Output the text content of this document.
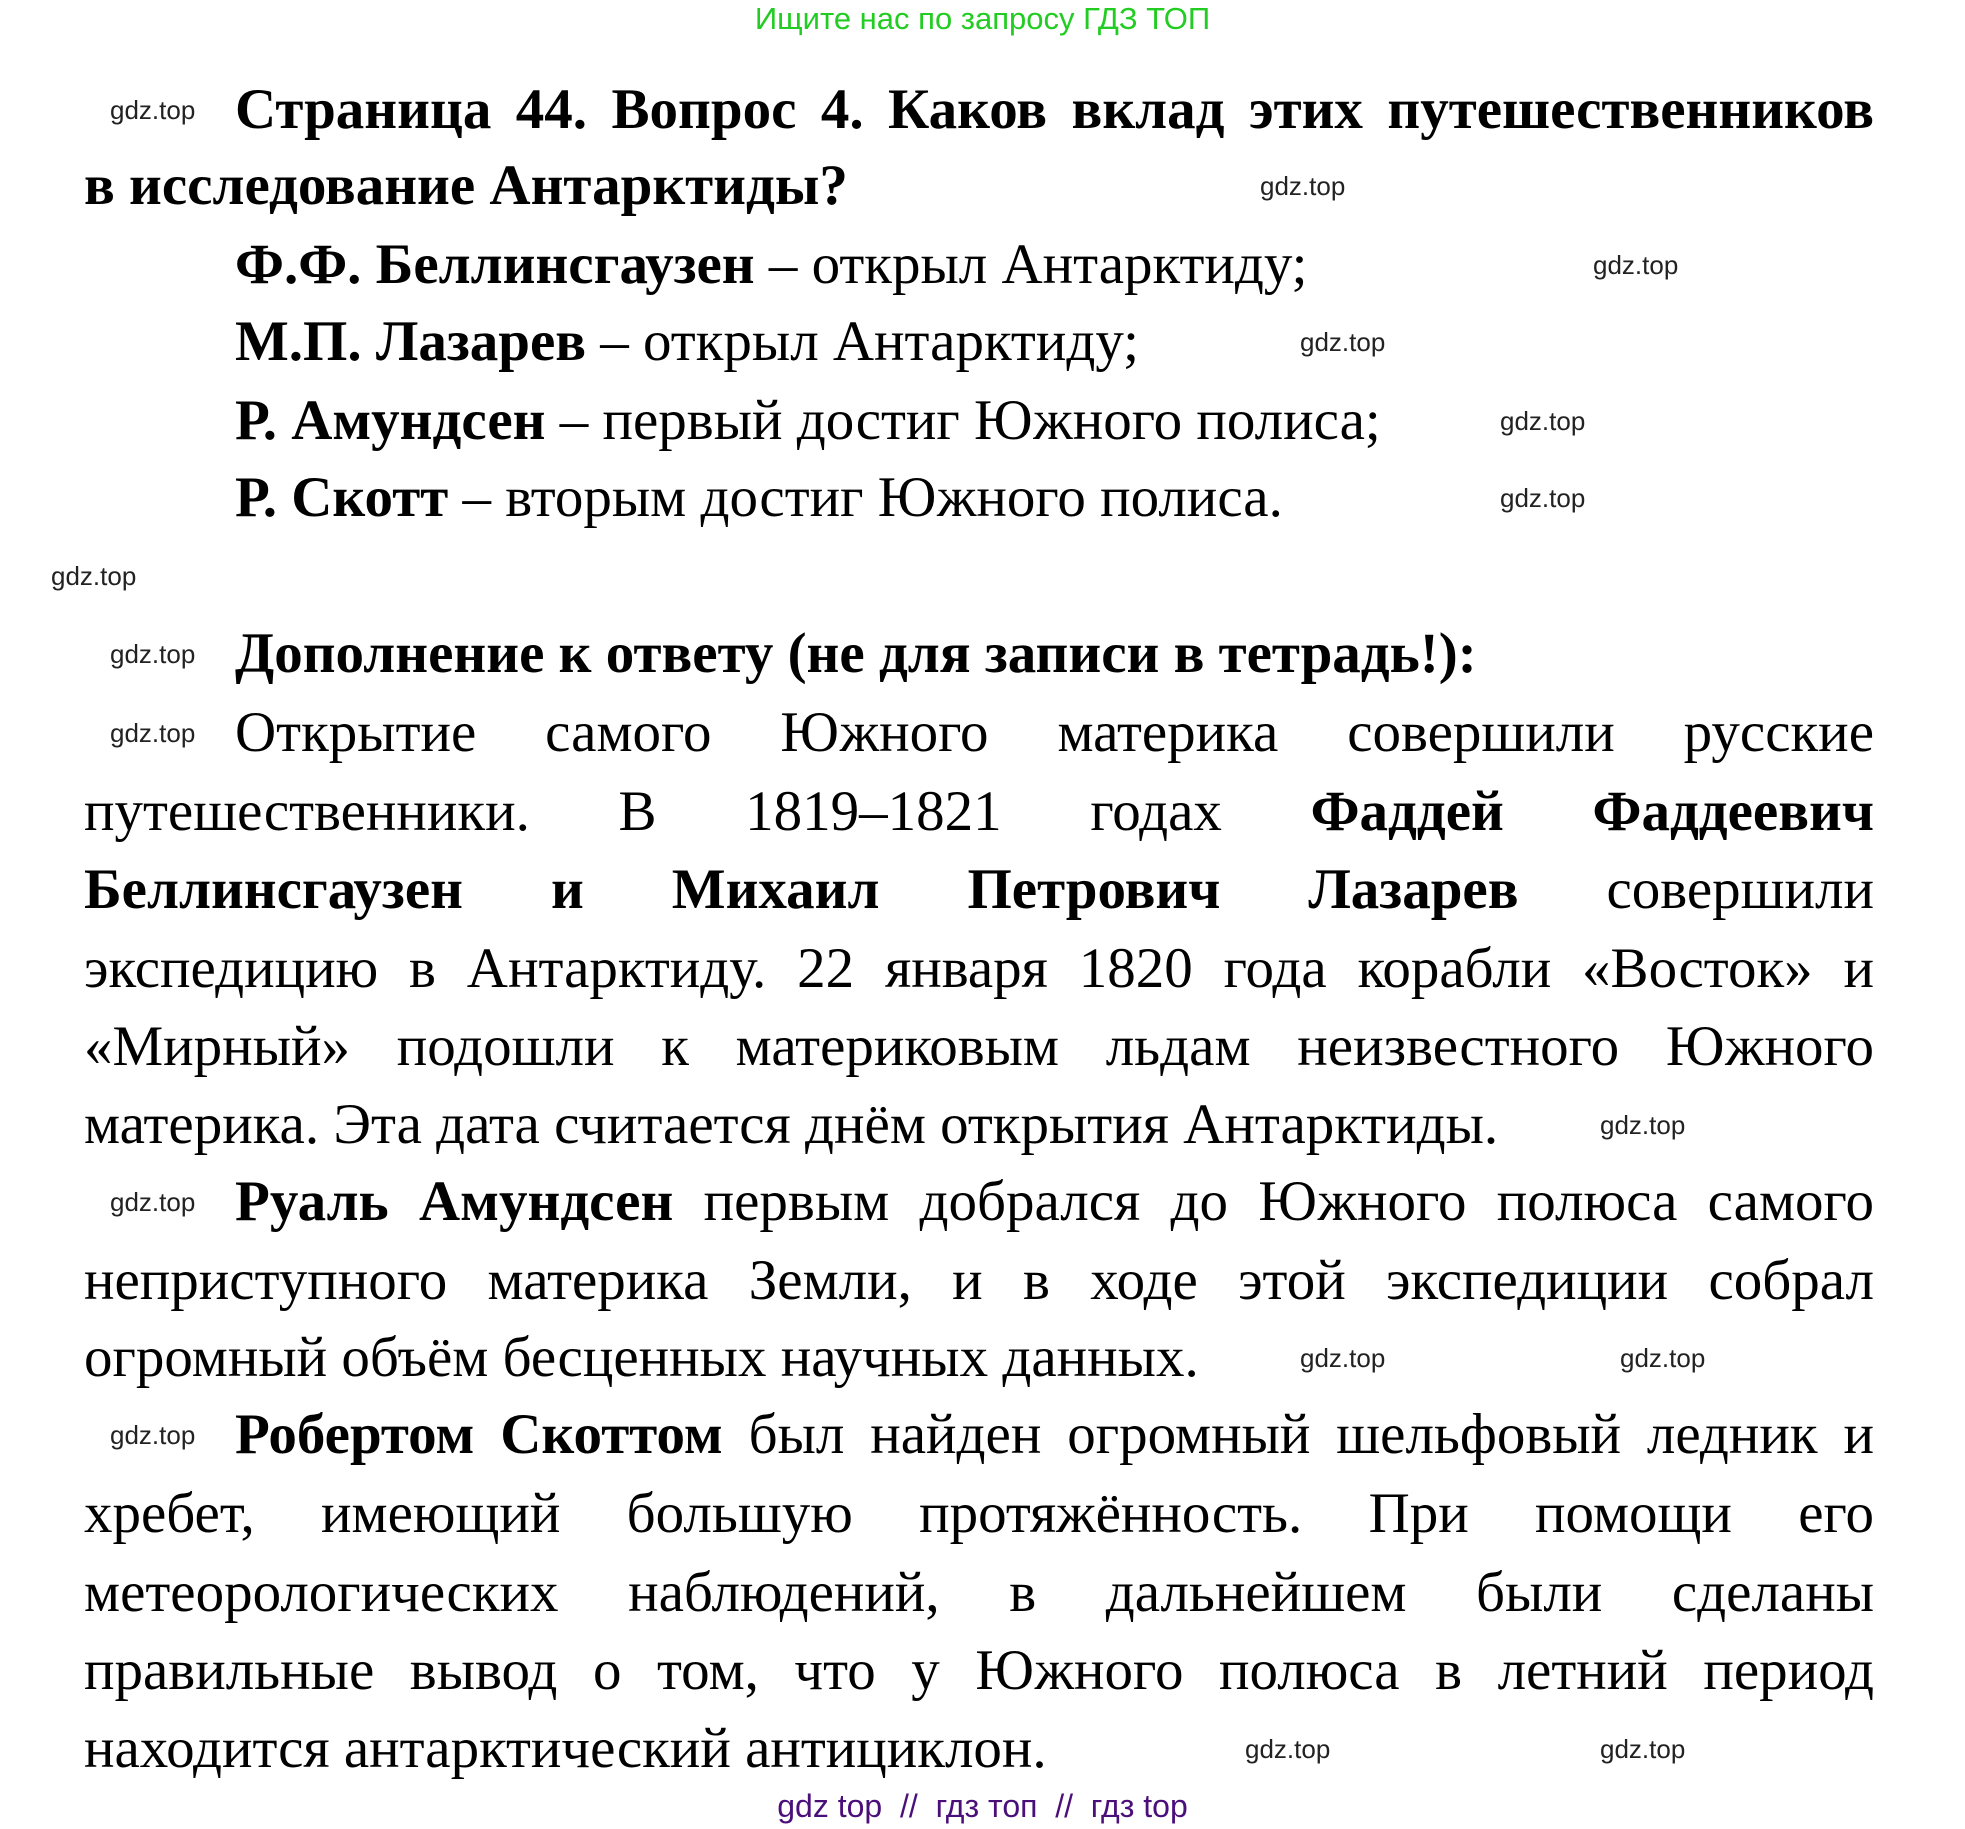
Ищите нас по запросу ГДЗ ТОП
Страница 44. Вопрос 4. Каков вклад этих путешественников
в исследование Антарктиды?
Ф.Ф. Беллинсгаузен – открыл Антарктиду;
М.П. Лазарев – открыл Антарктиду;
Р. Амундсен – первый достиг Южного полиса;
Р. Скотт – вторым достиг Южного полиса.
Дополнение к ответу (не для записи в тетрадь!):
Открытие самого Южного материка совершили русские
путешественники. В 1819–1821 годах Фаддей Фаддеевич
Беллинсгаузен и Михаил Петрович Лазарев совершили
экспедицию в Антарктиду. 22 января 1820 года корабли «Восток» и
«Мирный» подошли к материковым льдам неизвестного Южного
материка. Эта дата считается днём открытия Антарктиды.
Руаль Амундсен первым добрался до Южного полюса самого
неприступного материка Земли, и в ходе этой экспедиции собрал
огромный объём бесценных научных данных.
Робертом Скоттом был найден огромный шельфовый ледник и
хребет, имеющий большую протяжённость. При помощи его
метеорологических наблюдений, в дальнейшем были сделаны
правильные вывод о том, что у Южного полюса в летний период
находится антарктический антициклон.
gdz.top
gdz.top
gdz.top
gdz.top
gdz.top
gdz.top
gdz.top
gdz.top
gdz.top
gdz.top
gdz.top
gdz.top	gdz.top
gdz.top
gdz.top	gdz.top
gdz top  //  гдз топ  //  гдз top
